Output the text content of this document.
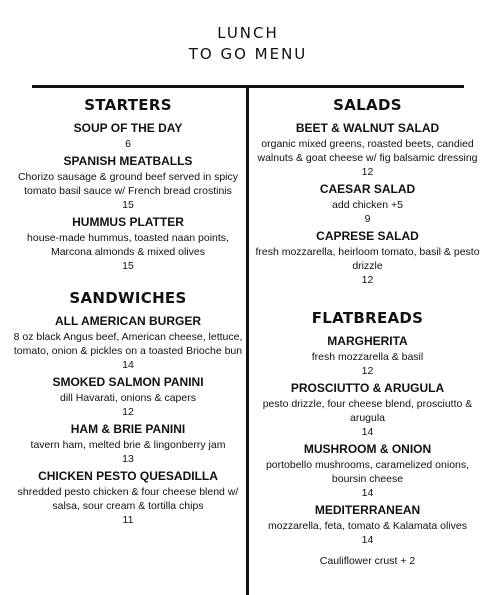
LUNCH
TO GO MENU
STARTERS
SOUP OF THE DAY
6
SPANISH MEATBALLS
Chorizo sausage & ground beef served in spicy tomato basil sauce w/ French bread crostinis
15
HUMMUS PLATTER
house-made hummus, toasted naan points, Marcona almonds & mixed olives
15
SANDWICHES
ALL AMERICAN BURGER
8 oz black Angus beef, American cheese, lettuce, tomato, onion & pickles on a toasted Brioche bun
14
SMOKED SALMON PANINI
dill Havarati, onions & capers
12
HAM & BRIE PANINI
tavern ham, melted brie & lingonberry jam
13
CHICKEN PESTO QUESADILLA
shredded pesto chicken & four cheese blend w/ salsa, sour cream & tortilla chips
11
SALADS
BEET & WALNUT SALAD
organic mixed greens, roasted beets, candied walnuts & goat cheese w/ fig balsamic dressing
12
CAESAR SALAD
add chicken +5
9
CAPRESE SALAD
fresh mozzarella, heirloom tomato, basil & pesto drizzle
12
FLATBREADS
MARGHERITA
fresh mozzarella & basil
12
PROSCIUTTO & ARUGULA
pesto drizzle, four cheese blend, prosciutto & arugula
14
MUSHROOM & ONION
portobello mushrooms, caramelized onions, boursin cheese
14
MEDITERRANEAN
mozzarella, feta, tomato & Kalamata olives
14
Cauliflower crust + 2
